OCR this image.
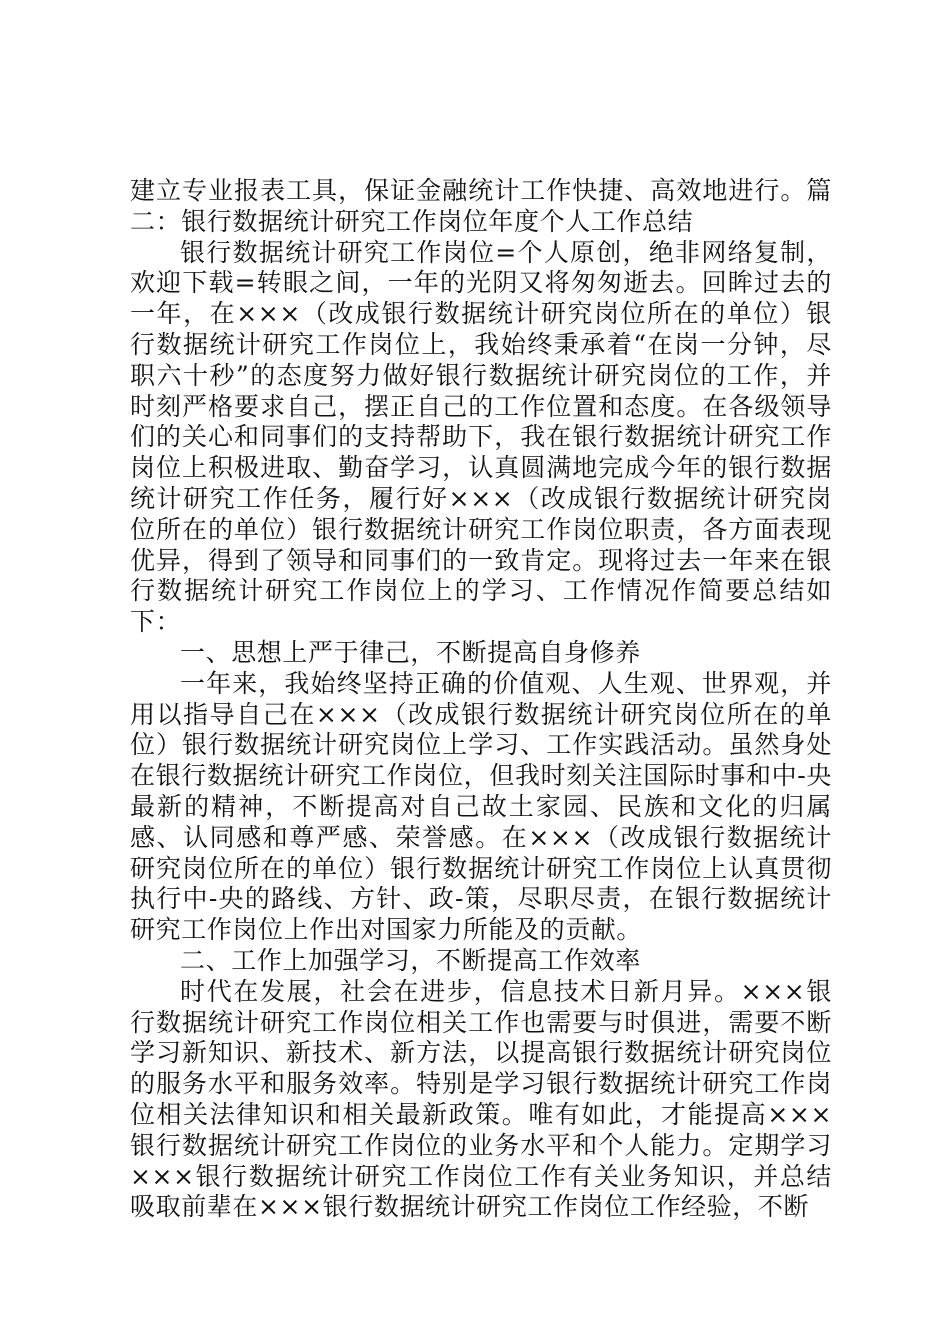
建立专业报表工具，保证金融统计工作快捷、高效地进行。篇二：银行数据统计研究工作岗位年度个人工作总结

银行数据统计研究工作岗位=个人原创，绝非网络复制，欢迎下载=转眼之间，一年的光阴又将匆匆逝去。回眸过去的一年，在×××（改成银行数据统计研究岗位所在的单位）银行数据统计研究工作岗位上，我始终秉承着“在岗一分钟，尽职六十秒”的态度努力做好银行数据统计研究岗位的工作，并时刻严格要求自己，摆正自己的工作位置和态度。在各级领导们的关心和同事们的支持帮助下，我在银行数据统计研究工作岗位上积极进取、勤奋学习，认真圆满地完成今年的银行数据统计研究工作任务，履行好×××（改成银行数据统计研究岗位所在的单位）银行数据统计研究工作岗位职责，各方面表现优异，得到了领导和同事们的一致肯定。现将过去一年来在银行数据统计研究工作岗位上的学习、工作情况作简要总结如下：

一、思想上严于律己，不断提高自身修养

一年来，我始终坚持正确的价值观、人生观、世界观，并用以指导自己在×××（改成银行数据统计研究岗位所在的单位）银行数据统计研究岗位上学习、工作实践活动。虽然身处在银行数据统计研究工作岗位，但我时刻关注国际时事和中-央最新的精神，不断提高对自己故土家园、民族和文化的归属感、认同感和尊严感、荣誉感。在×××（改成银行数据统计研究岗位所在的单位）银行数据统计研究工作岗位上认真贯彻执行中-央的路线、方针、政-策，尽职尽责，在银行数据统计研究工作岗位上作出对国家力所能及的贡献。

二、工作上加强学习，不断提高工作效率

时代在发展，社会在进步，信息技术日新月异。×××银行数据统计研究工作岗位相关工作也需要与时俱进，需要不断学习新知识、新技术、新方法，以提高银行数据统计研究岗位的服务水平和服务效率。特别是学习银行数据统计研究工作岗位相关法律知识和相关最新政策。唯有如此，才能提高×××银行数据统计研究工作岗位的业务水平和个人能力。定期学习×××银行数据统计研究工作岗位工作有关业务知识，并总结吸取前辈在×××银行数据统计研究工作岗位工作经验，不断
